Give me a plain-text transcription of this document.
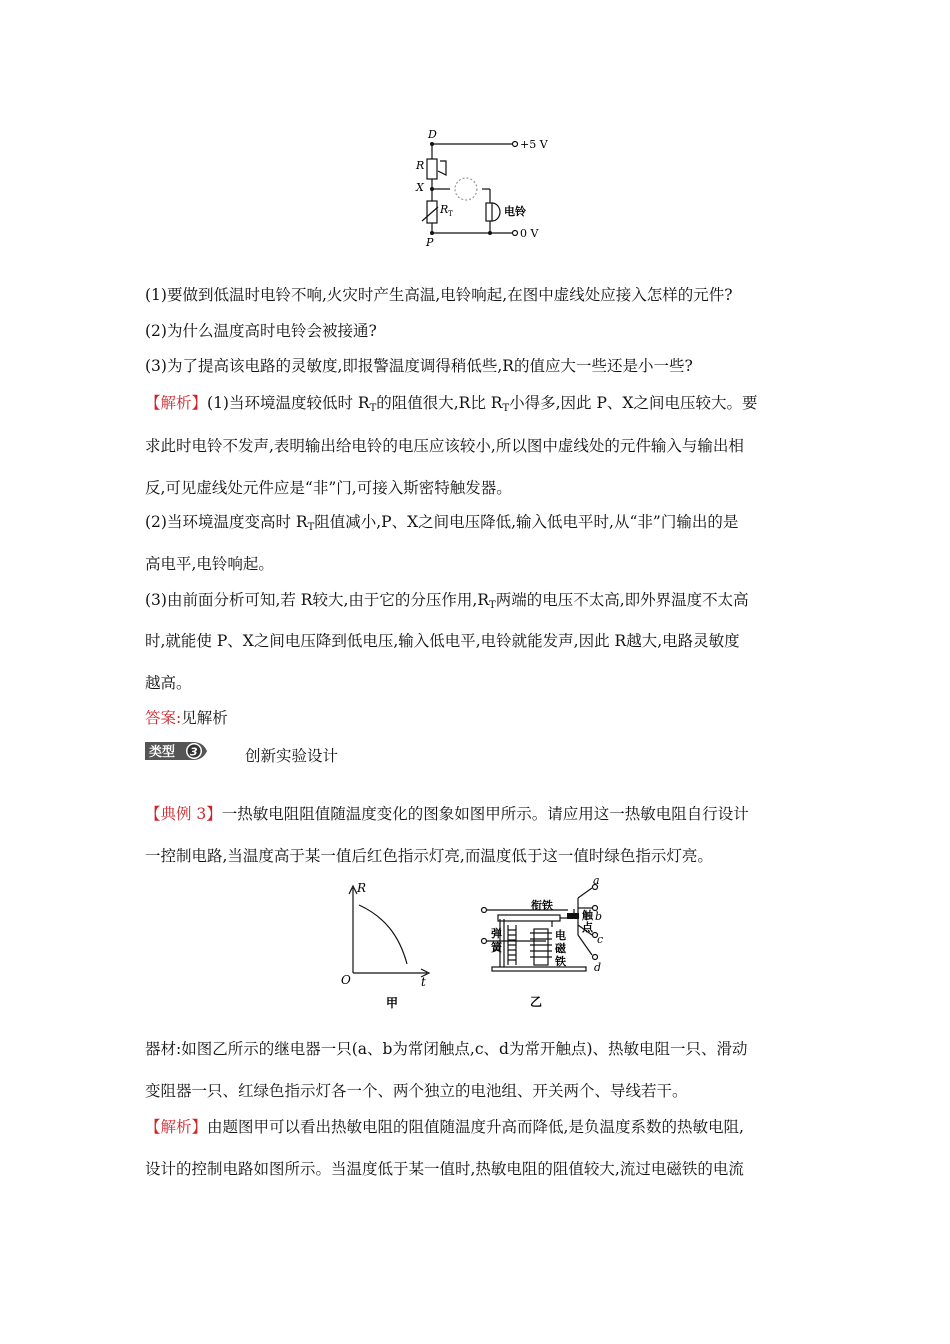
D
R
X
R T
P
+5 V
0 V
电铃
(1)要做到低温时电铃不响,火灾时产生高温,电铃响起,在图中虚线处应接入怎样的元件?
(2)为什么温度高时电铃会被接通?
(3)为了提高该电路的灵敏度,即报警温度调得稍低些,R的值应大一些还是小一些?
【解析】(1)当环境温度较低时 $R_T$的阻值很大,R比 $R_T$小得多,因此 P、X之间电压较大。要
求此时电铃不发声,表明输出给电铃的电压应该较小,所以图中虚线处的元件输入与输出相
反,可见虚线处元件应是“非”门,可接入斯密特触发器。
(2)当环境温度变高时 $R_T$阻值减小,P、X之间电压降低,输入低电平时,从“非”门输出的是
高电平,电铃响起。
(3)由前面分析可知,若 R较大,由于它的分压作用$,R_T$两端的电压不太高,即外界温度不太高
时,就能使 P、X之间电压降到低电压,输入低电平,电铃就能发声,因此 R越大,电路灵敏度
越高。
答案:见解析
类型 3	创新实验设计
【典例 3】一热敏电阻阻值随温度变化的图象如图甲所示。请应用这一热敏电阻自行设计
一控制电路,当温度高于某一值后红色指示灯亮,而温度低于这一值时绿色指示灯亮。
R
O	t
甲
衔铁
触
点
弹
簧
电
磁
铁
a
b
c
d
乙
器材:如图乙所示的继电器一只(a、b为常闭触点,c、d为常开触点)、热敏电阻一只、滑动
变阻器一只、红绿色指示灯各一个、两个独立的电池组、开关两个、导线若干。
【解析】由题图甲可以看出热敏电阻的阻值随温度升高而降低,是负温度系数的热敏电阻,
设计的控制电路如图所示。当温度低于某一值时,热敏电阻的阻值较大,流过电磁铁的电流
